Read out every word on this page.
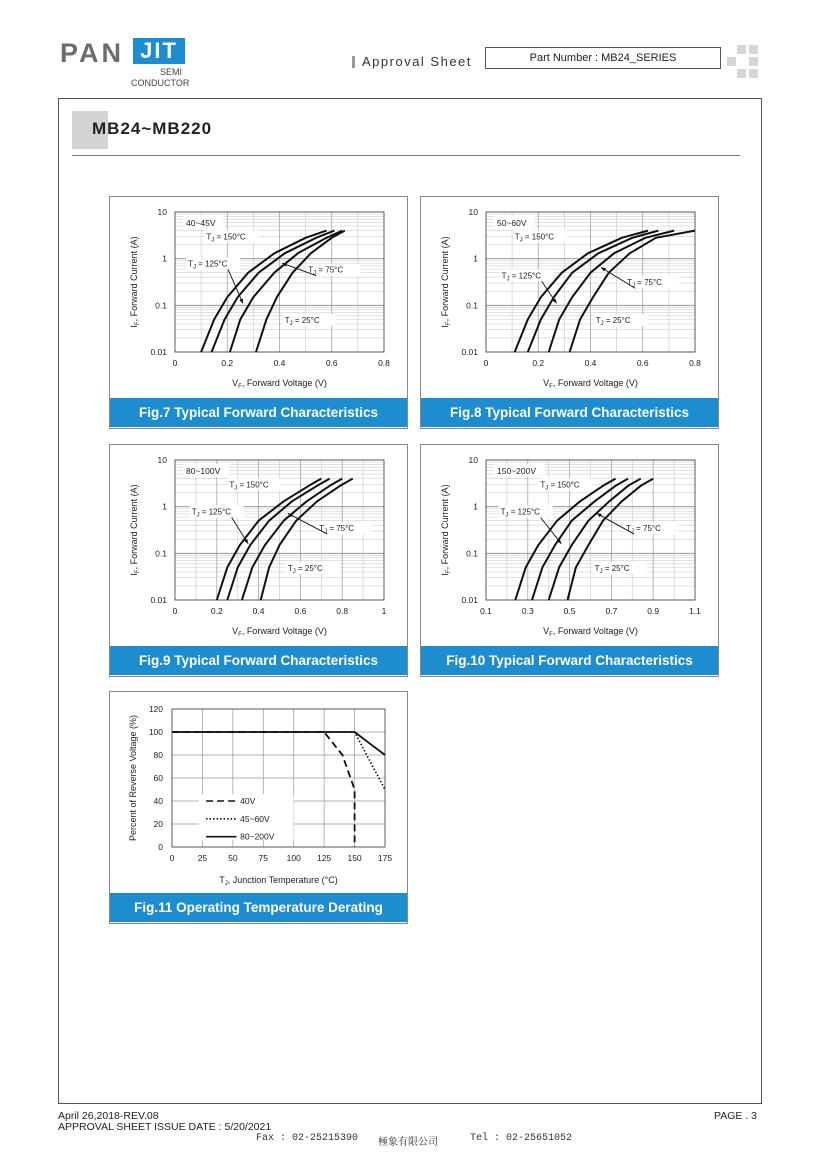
PAN JIT
SEMI
CONDUCTOR
Approval Sheet	Part Number : MB24_SERIES
MB24~MB220
10
1
0.1
0.01
0	0.2	0.4	0.6	0.8
$V_F$, Forward Voltage (V)
$I_F$, Forward Current (A)
40~45V
$T_J = 150^\circ C$
$T_J = 125^\circ C$
$T_J = 75^\circ C$
$T_J = 25^\circ C$
Fig.7 Typical Forward Characteristics
10
1
0.1
0.01
0	0.2	0.4	0.6	0.8
$V_F$, Forward Voltage (V)
$I_F$, Forward Current (A)
50~60V
$T_J = 150^\circ C$
$T_J = 125^\circ C$
$T_J = 75^\circ C$
$T_J = 25^\circ C$
Fig.8 Typical Forward Characteristics
10
1
0.1
0.01
0	0.2	0.4	0.6	0.8	1
$V_F$, Forward Voltage (V)
$I_F$, Forward Current (A)
80~100V
$T_J = 150^\circ C$
$T_J = 125^\circ C$
$T_J = 75^\circ C$
$T_J = 25^\circ C$
Fig.9 Typical Forward Characteristics
10
1
0.1
0.01
0.1	0.3	0.5	0.7	0.9	1.1
$V_F$, Forward Voltage (V)
$I_F$, Forward Current (A)
150~200V
$T_J = 150^\circ C$
$T_J = 125^\circ C$
$T_J = 75^\circ C$
$T_J = 25^\circ C$
Fig.10 Typical Forward Characteristics
0
20
40
60
80
100
120
0	25 50 75 100 125 150 175
$T_J$, Junction Temperature (°C)
Percent of Reverse Voltage (%)	40V
45~60V
80~200V
Fig.11 Operating Temperature Derating
April 26,2018-REV.08
APPROVAL SHEET ISSUE DATE : 5/20/2021
PAGE . 3
Fax : 02-25215390 極象有限公司	Tel : 02-25651052
